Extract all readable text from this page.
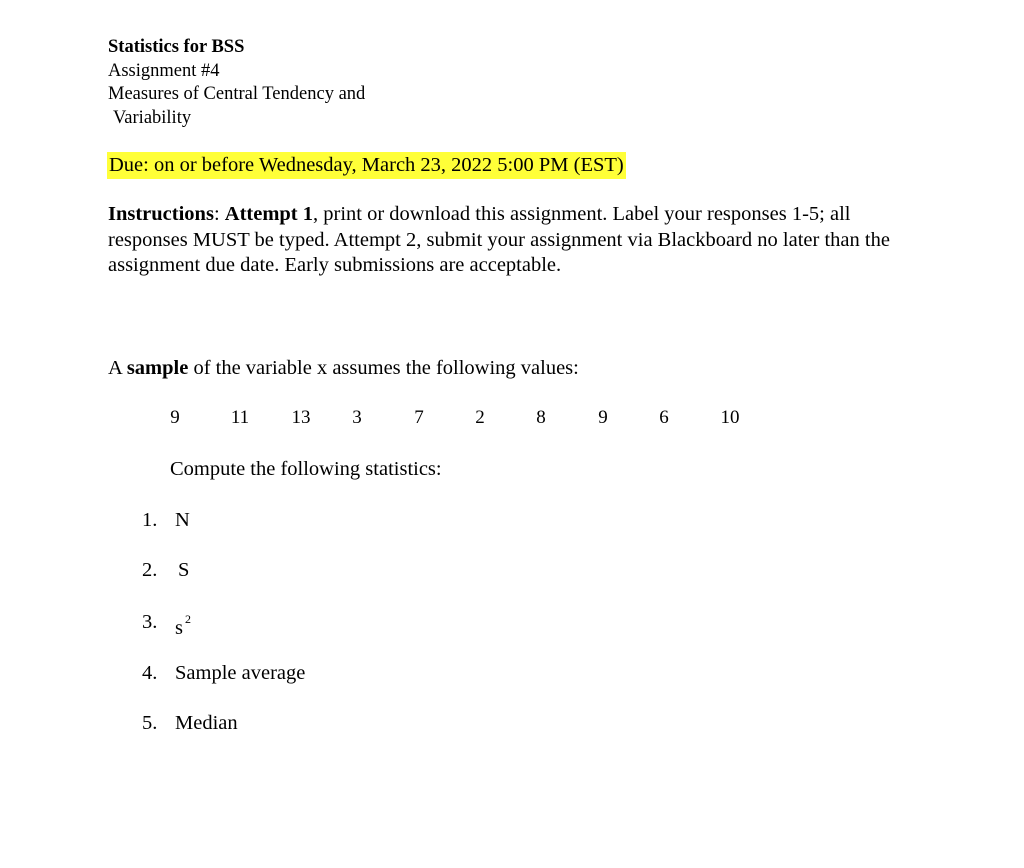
Statistics for BSS
Assignment #4
Measures of Central Tendency and
Variability
Due: on or before Wednesday, March 23, 2022 5:00 PM (EST)

Instructions: Attempt 1, print or download this assignment. Label your responses 1-5; all responses MUST be typed. Attempt 2, submit your assignment via Blackboard no later than the assignment due date. Early submissions are acceptable.

A sample of the variable x assumes the following values:
9	11 13 3	7	2	8	9	6	10
Compute the following statistics:
1. N
2.	S
3. s $^2$
4. Sample average
5. Median
